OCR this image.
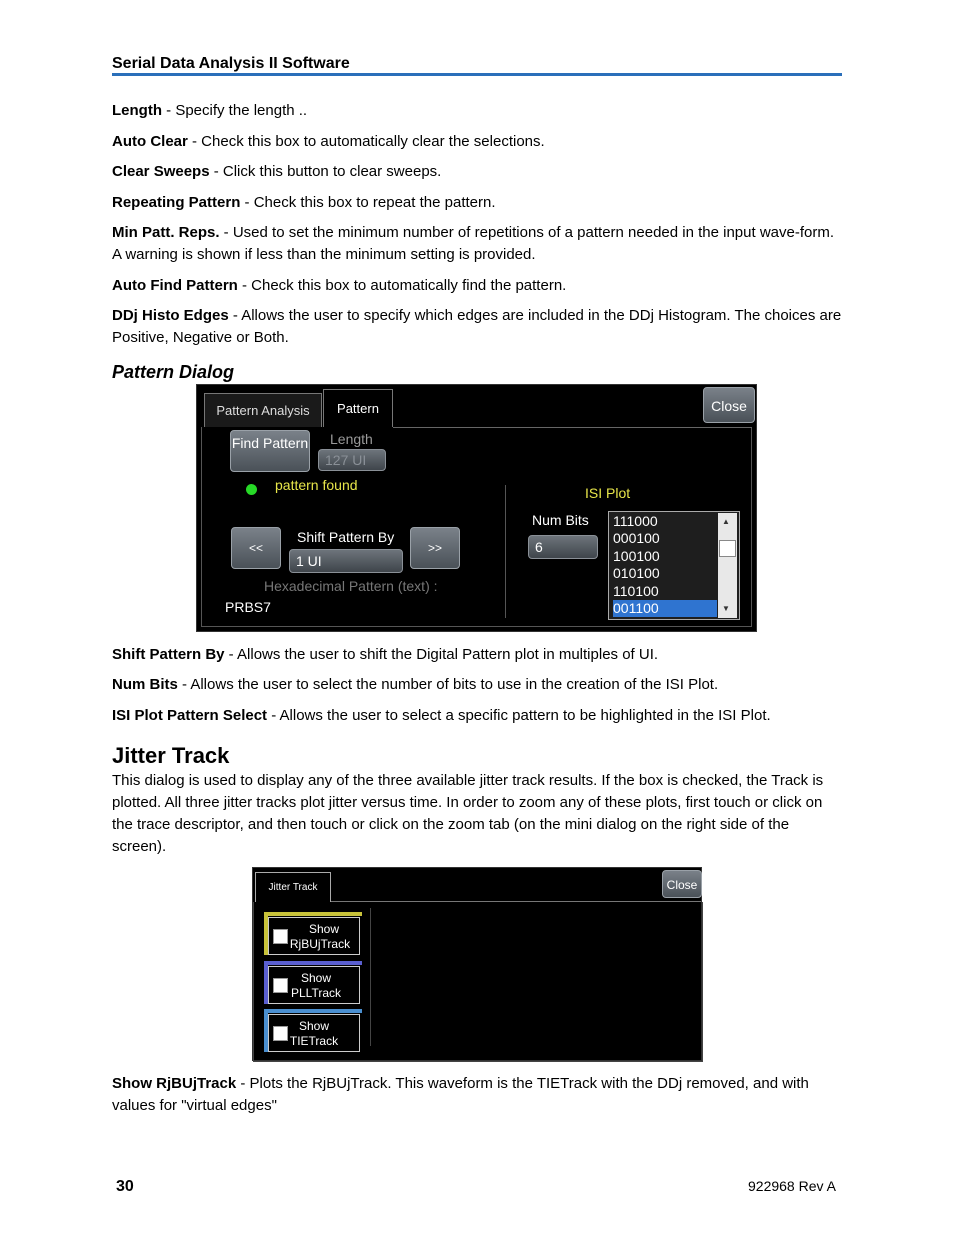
Serial Data Analysis II Software
Length - Specify the length ..
Auto Clear - Check this box to automatically clear the selections.
Clear Sweeps - Click this button to clear sweeps.
Repeating Pattern - Check this box to repeat the pattern.
Min Patt. Reps. - Used to set the minimum number of repetitions of a pattern needed in the input wave-form. A warning is shown if less than the minimum setting is provided.
Auto Find Pattern - Check this box to automatically find the pattern.
DDj Histo Edges - Allows the user to specify which edges are included in the DDj Histogram. The choices are Positive, Negative or Both.
Pattern Dialog
Pattern Analysis	Pattern	Close
Find Pattern Length
127 UI
pattern found
<<
Shift Pattern By
1 UI
>>
Hexadecimal Pattern (text) :
PRBS7
ISI Plot
Num Bits
6
111000
000100
100100
010100
110100
001100
▲
▼
Shift Pattern By - Allows the user to shift the Digital Pattern plot in multiples of UI.
Num Bits - Allows the user to select the number of bits to use in the creation of the ISI Plot.
ISI Plot Pattern Select - Allows the user to select a specific pattern to be highlighted in the ISI Plot.
Jitter Track
This dialog is used to display any of the three available jitter track results. If the box is checked, the Track is plotted. All three jitter tracks plot jitter versus time. In order to zoom any of these plots, first touch or click on the trace descriptor, and then touch or click on the zoom tab (on the mini dialog on the right side of the screen).
Jitter Track	Close
Show
RjBUjTrack
Show
PLLTrack
Show
TIETrack
Show RjBUjTrack - Plots the RjBUjTrack. This waveform is the TIETrack with the DDj removed, and with values for "virtual edges"
30	922968 Rev A
